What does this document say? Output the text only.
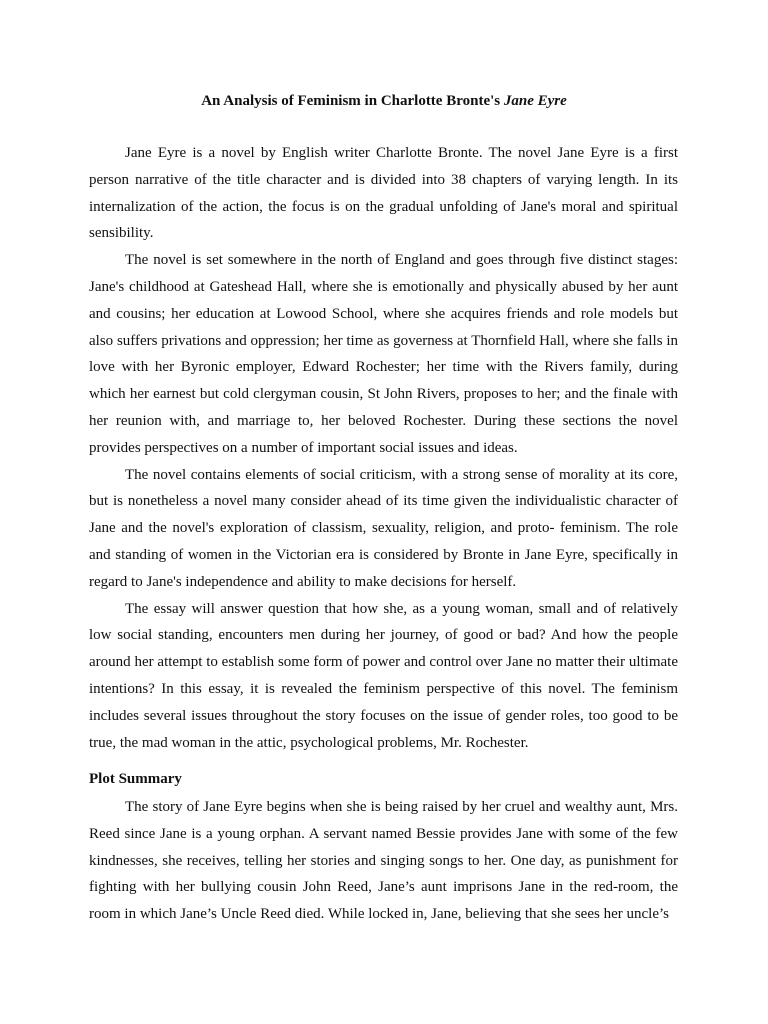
An Analysis of Feminism in Charlotte Bronte's Jane Eyre

Jane Eyre is a novel by English writer Charlotte Bronte. The novel Jane Eyre is a first person narrative of the title character and is divided into 38 chapters of varying length. In its internalization of the action, the focus is on the gradual unfolding of Jane's moral and spiritual sensibility.

The novel is set somewhere in the north of England and goes through five distinct stages: Jane's childhood at Gateshead Hall, where she is emotionally and physically abused by her aunt and cousins; her education at Lowood School, where she acquires friends and role models but also suffers privations and oppression; her time as governess at Thornfield Hall, where she falls in love with her Byronic employer, Edward Rochester; her time with the Rivers family, during which her earnest but cold clergyman cousin, St John Rivers, proposes to her; and the finale with her reunion with, and marriage to, her beloved Rochester. During these sections the novel provides perspectives on a number of important social issues and ideas.

The novel contains elements of social criticism, with a strong sense of morality at its core, but is nonetheless a novel many consider ahead of its time given the individualistic character of Jane and the novel's exploration of classism, sexuality, religion, and proto- feminism. The role and standing of women in the Victorian era is considered by Bronte in Jane Eyre, specifically in regard to Jane's independence and ability to make decisions for herself.

The essay will answer question that how she, as a young woman, small and of relatively low social standing, encounters men during her journey, of good or bad? And how the people around her attempt to establish some form of power and control over Jane no matter their ultimate intentions? In this essay, it is revealed the feminism perspective of this novel. The feminism includes several issues throughout the story focuses on the issue of gender roles, too good to be true, the mad woman in the attic, psychological problems, Mr. Rochester.

Plot Summary

The story of Jane Eyre begins when she is being raised by her cruel and wealthy aunt, Mrs. Reed since Jane is a young orphan. A servant named Bessie provides Jane with some of the few kindnesses, she receives, telling her stories and singing songs to her. One day, as punishment for fighting with her bullying cousin John Reed, Jane’s aunt imprisons Jane in the red-room, the room in which Jane’s Uncle Reed died. While locked in, Jane, believing that she sees her uncle’s
